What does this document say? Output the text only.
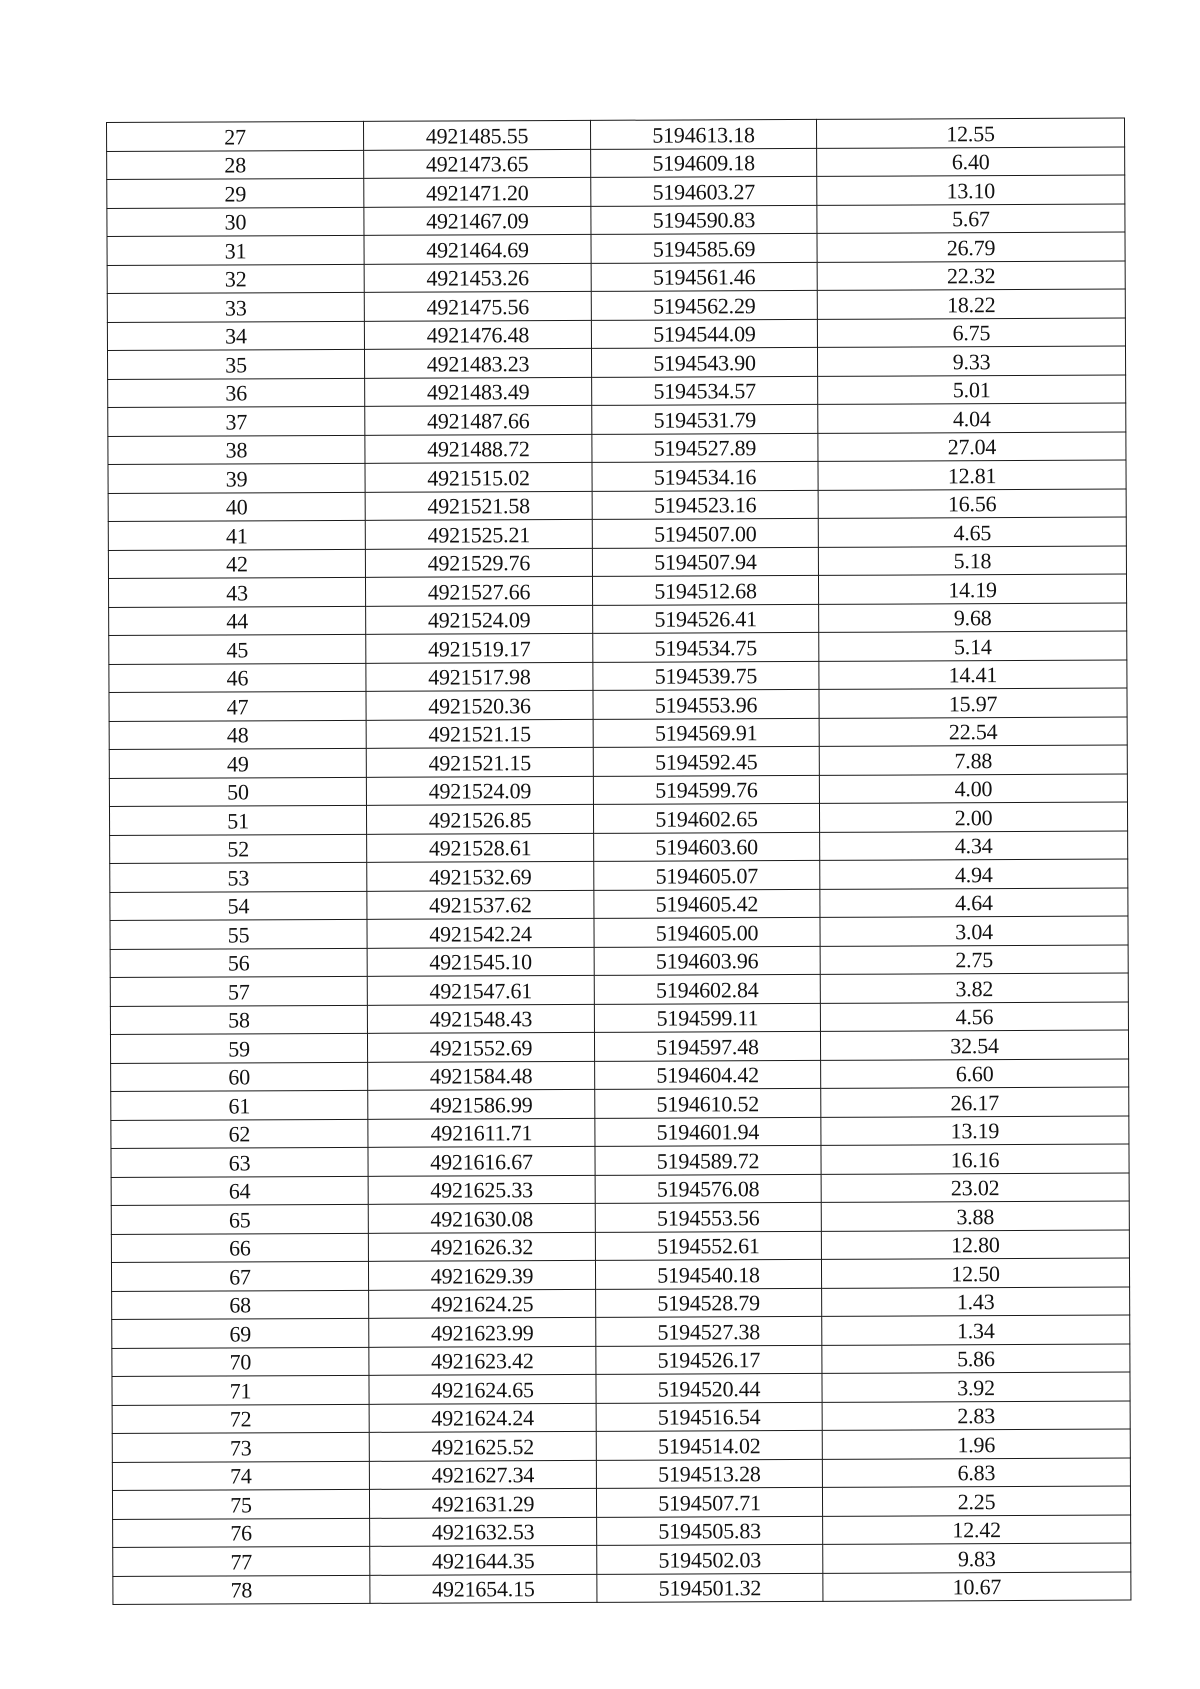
27	4921485.55	5194613.18	12.55
28	4921473.65	5194609.18	6.40
29	4921471.20	5194603.27	13.10
30	4921467.09	5194590.83	5.67
31	4921464.69	5194585.69	26.79
32	4921453.26	5194561.46	22.32
33	4921475.56	5194562.29	18.22
34	4921476.48	5194544.09	6.75
35	4921483.23	5194543.90	9.33
36	4921483.49	5194534.57	5.01
37	4921487.66	5194531.79	4.04
38	4921488.72	5194527.89	27.04
39	4921515.02	5194534.16	12.81
40	4921521.58	5194523.16	16.56
41	4921525.21	5194507.00	4.65
42	4921529.76	5194507.94	5.18
43	4921527.66	5194512.68	14.19
44	4921524.09	5194526.41	9.68
45	4921519.17	5194534.75	5.14
46	4921517.98	5194539.75	14.41
47	4921520.36	5194553.96	15.97
48	4921521.15	5194569.91	22.54
49	4921521.15	5194592.45	7.88
50	4921524.09	5194599.76	4.00
51	4921526.85	5194602.65	2.00
52	4921528.61	5194603.60	4.34
53	4921532.69	5194605.07	4.94
54	4921537.62	5194605.42	4.64
55	4921542.24	5194605.00	3.04
56	4921545.10	5194603.96	2.75
57	4921547.61	5194602.84	3.82
58	4921548.43	5194599.11	4.56
59	4921552.69	5194597.48	32.54
60	4921584.48	5194604.42	6.60
61	4921586.99	5194610.52	26.17
62	4921611.71	5194601.94	13.19
63	4921616.67	5194589.72	16.16
64	4921625.33	5194576.08	23.02
65	4921630.08	5194553.56	3.88
66	4921626.32	5194552.61	12.80
67	4921629.39	5194540.18	12.50
68	4921624.25	5194528.79	1.43
69	4921623.99	5194527.38	1.34
70	4921623.42	5194526.17	5.86
71	4921624.65	5194520.44	3.92
72	4921624.24	5194516.54	2.83
73	4921625.52	5194514.02	1.96
74	4921627.34	5194513.28	6.83
75	4921631.29	5194507.71	2.25
76	4921632.53	5194505.83	12.42
77	4921644.35	5194502.03	9.83
78	4921654.15	5194501.32	10.67
